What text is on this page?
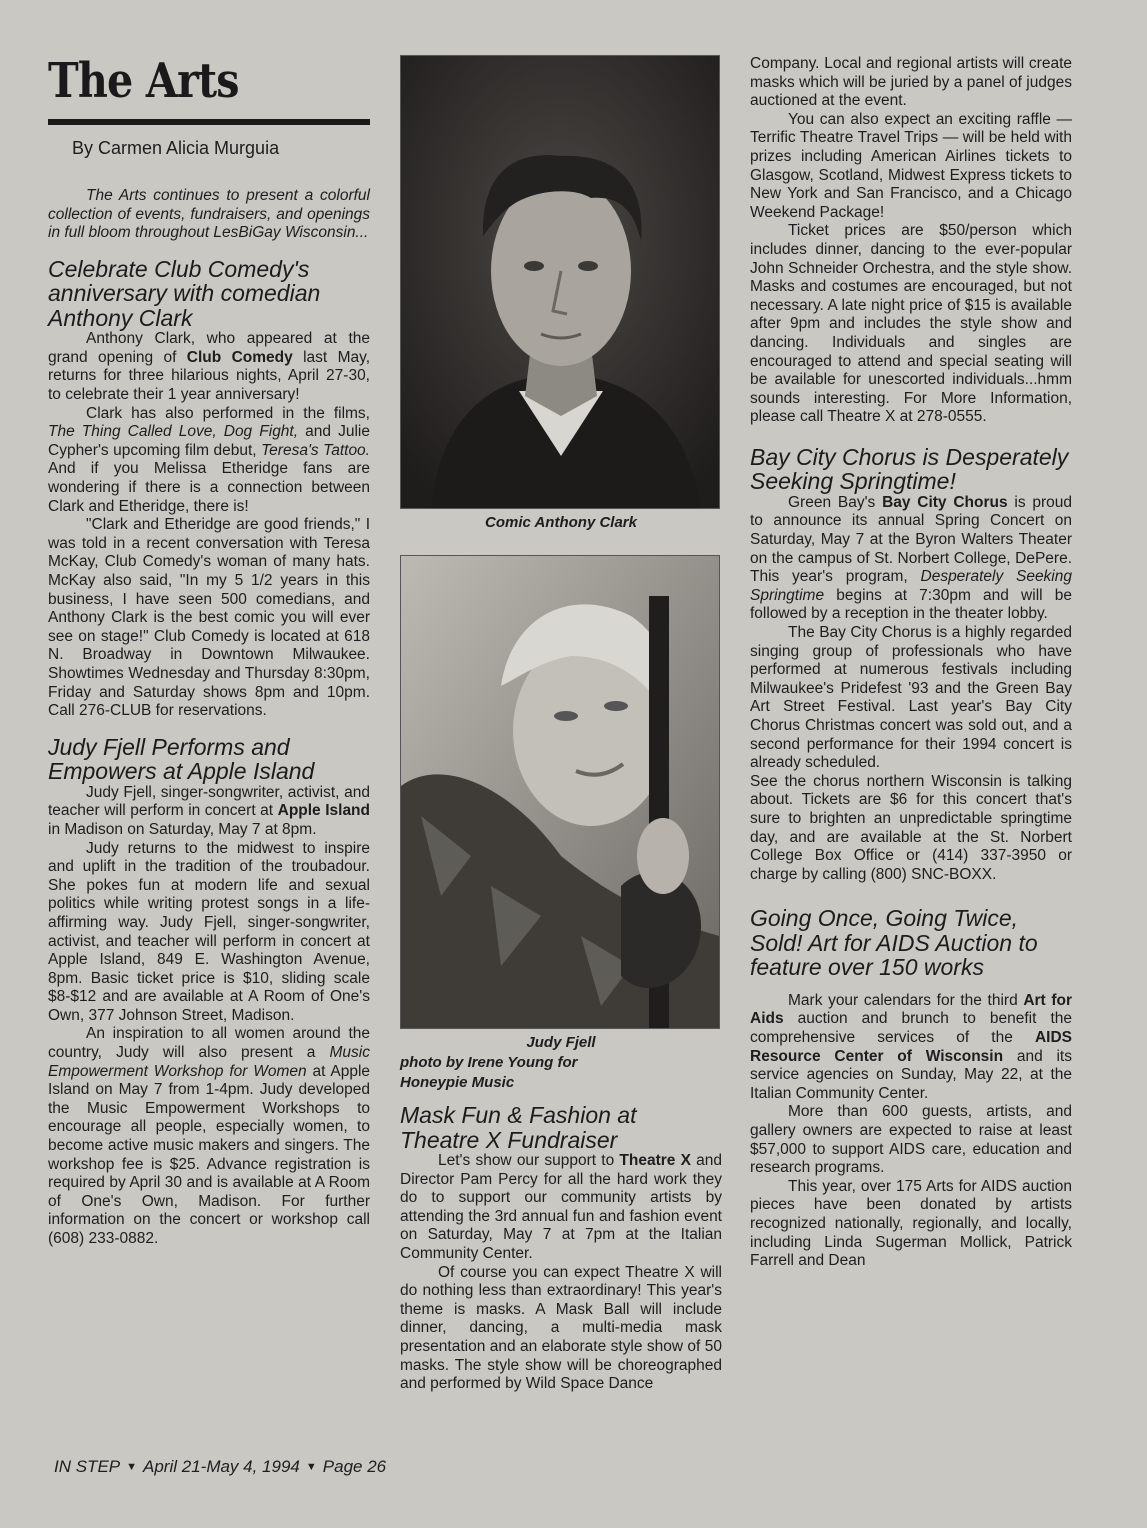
The Arts
By Carmen Alicia Murguia

The Arts continues to present a colorful collection of events, fundraisers, and openings in full bloom throughout LesBiGay Wisconsin...

Celebrate Club Comedy's anniversary with comedian Anthony Clark

Anthony Clark, who appeared at the grand opening of Club Comedy last May, returns for three hilarious nights, April 27-30, to celebrate their 1 year anniversary!

Clark has also performed in the films, The Thing Called Love, Dog Fight, and Julie Cypher's upcoming film debut, Teresa's Tattoo. And if you Melissa Etheridge fans are wondering if there is a connection between Clark and Etheridge, there is!

"Clark and Etheridge are good friends," I was told in a recent conversation with Teresa McKay, Club Comedy's woman of many hats. McKay also said, "In my 5 1/2 years in this business, I have seen 500 comedians, and Anthony Clark is the best comic you will ever see on stage!" Club Comedy is located at 618 N. Broadway in Downtown Milwaukee. Showtimes Wednesday and Thursday 8:30pm, Friday and Saturday shows 8pm and 10pm. Call 276-CLUB for reservations.

Judy Fjell Performs and Empowers at Apple Island

Judy Fjell, singer-songwriter, activist, and teacher will perform in concert at Apple Island in Madison on Saturday, May 7 at 8pm.

Judy returns to the midwest to inspire and uplift in the tradition of the troubadour. She pokes fun at modern life and sexual politics while writing protest songs in a life-affirming way. Judy Fjell, singer-songwriter, activist, and teacher will perform in concert at Apple Island, 849 E. Washington Avenue, 8pm. Basic ticket price is $10, sliding scale $8-$12 and are available at A Room of One's Own, 377 Johnson Street, Madison.

An inspiration to all women around the country, Judy will also present a Music Empowerment Workshop for Women at Apple Island on May 7 from 1-4pm. Judy developed the Music Empowerment Workshops to encourage all people, especially women, to become active music makers and singers. The workshop fee is $25. Advance registration is required by April 30 and is available at A Room of One's Own, Madison. For further information on the concert or workshop call (608) 233-0882.

Comic Anthony Clark

Judy Fjell

photo by Irene Young for Honeypie Music

Mask Fun & Fashion at Theatre X Fundraiser

Let's show our support to Theatre X and Director Pam Percy for all the hard work they do to support our community artists by attending the 3rd annual fun and fashion event on Saturday, May 7 at 7pm at the Italian Community Center.

Of course you can expect Theatre X will do nothing less than extraordinary! This year's theme is masks. A Mask Ball will include dinner, dancing, a multi-media mask presentation and an elaborate style show of 50 masks. The style show will be choreographed and performed by Wild Space Dance

Company. Local and regional artists will create masks which will be juried by a panel of judges auctioned at the event.

You can also expect an exciting raffle — Terrific Theatre Travel Trips — will be held with prizes including American Airlines tickets to Glasgow, Scotland, Midwest Express tickets to New York and San Francisco, and a Chicago Weekend Package!

Ticket prices are $50/person which includes dinner, dancing to the ever-popular John Schneider Orchestra, and the style show. Masks and costumes are encouraged, but not necessary. A late night price of $15 is available after 9pm and includes the style show and dancing. Individuals and singles are encouraged to attend and special seating will be available for unescorted individuals...hmm sounds interesting. For More Information, please call Theatre X at 278-0555.

Bay City Chorus is Desperately Seeking Springtime!

Green Bay's Bay City Chorus is proud to announce its annual Spring Concert on Saturday, May 7 at the Byron Walters Theater on the campus of St. Norbert College, DePere. This year's program, Desperately Seeking Springtime begins at 7:30pm and will be followed by a reception in the theater lobby.

The Bay City Chorus is a highly regarded singing group of professionals who have performed at numerous festivals including Milwaukee's Pridefest '93 and the Green Bay Art Street Festival. Last year's Bay City Chorus Christmas concert was sold out, and a second performance for their 1994 concert is already scheduled.

See the chorus northern Wisconsin is talking about. Tickets are $6 for this concert that's sure to brighten an unpredictable springtime day, and are available at the St. Norbert College Box Office or (414) 337-3950 or charge by calling (800) SNC-BOXX.

Going Once, Going Twice, Sold! Art for AIDS Auction to feature over 150 works

Mark your calendars for the third Art for Aids auction and brunch to benefit the comprehensive services of the AIDS Resource Center of Wisconsin and its service agencies on Sunday, May 22, at the Italian Community Center.

More than 600 guests, artists, and gallery owners are expected to raise at least $57,000 to support AIDS care, education and research programs.

This year, over 175 Arts for AIDS auction pieces have been donated by artists recognized nationally, regionally, and locally, including Linda Sugerman Mollick, Patrick Farrell and Dean

IN STEP ▼ April 21-May 4, 1994 ▼ Page 26
